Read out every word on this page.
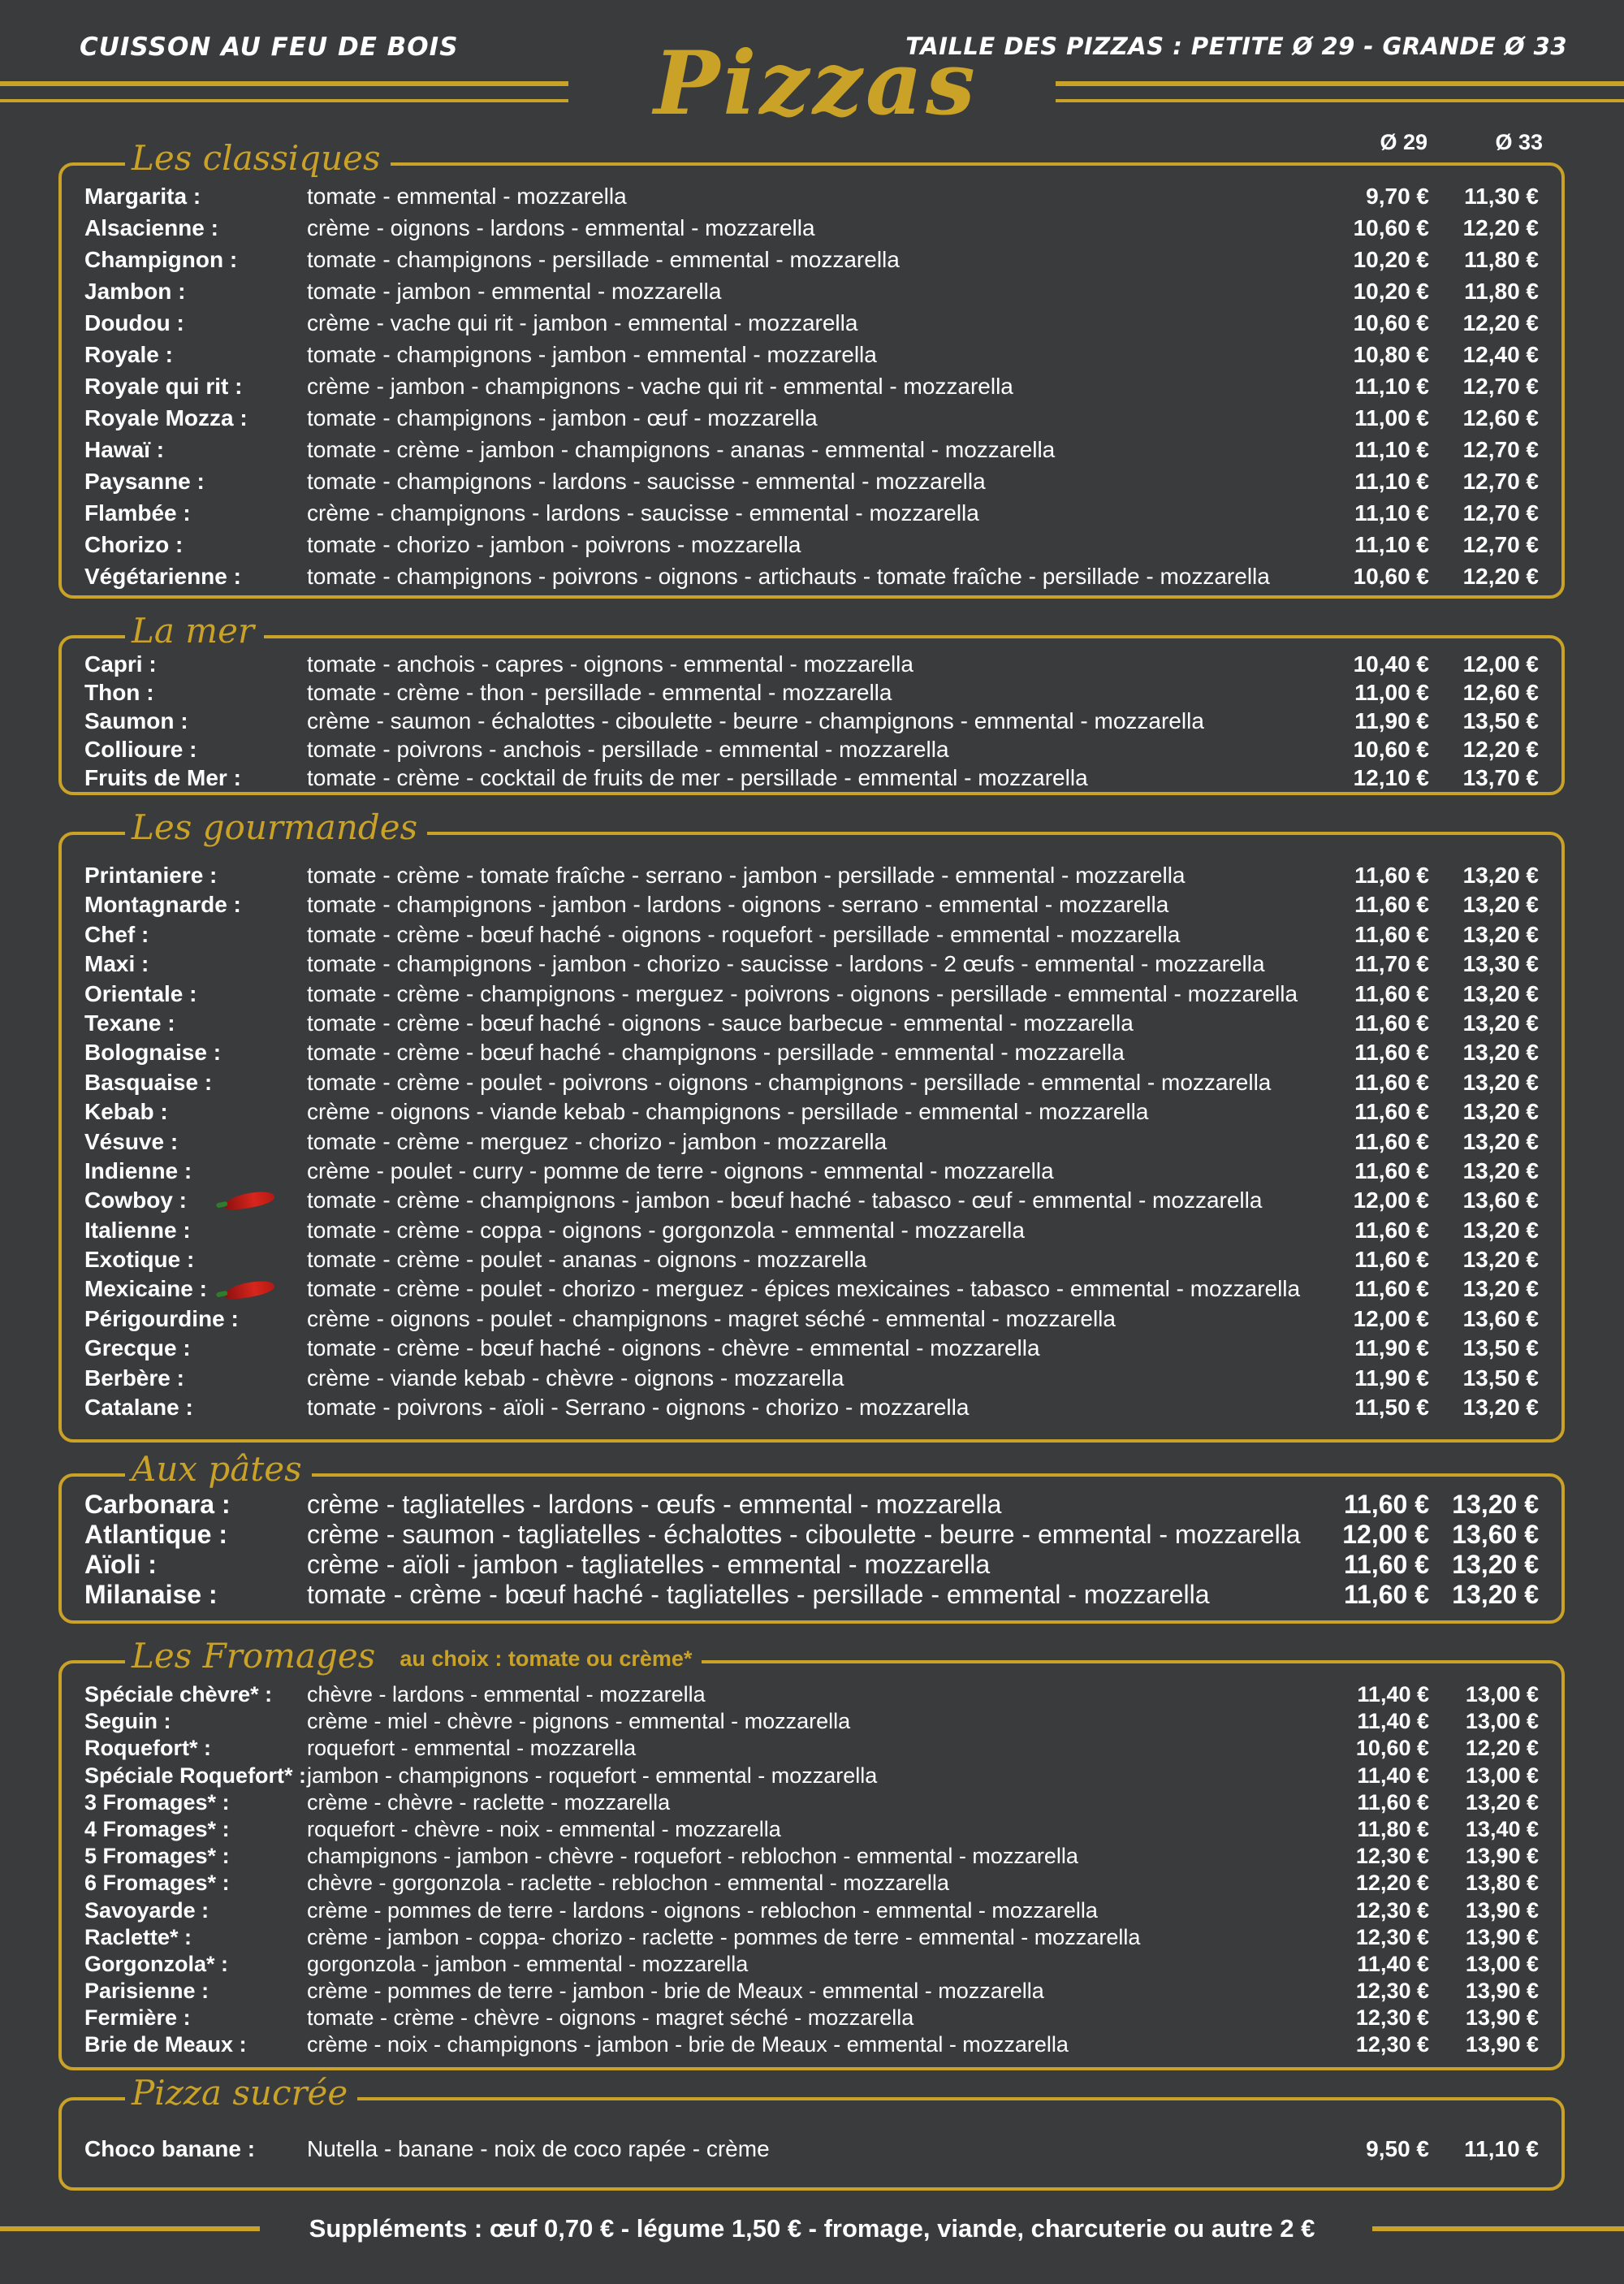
CUISSON AU FEU DE BOIS Pizzas
TAILLE DES PIZZAS : PETITE Ø 29 - GRANDE Ø 33
Ø 29	Ø 33
Les classiques
Margarita :	tomate - emmental - mozzarella	9,70 € 11,30 €
Alsacienne :	crème - oignons - lardons - emmental - mozzarella	10,60 € 12,20 €
Champignon :	tomate - champignons - persillade - emmental - mozzarella	10,20 € 11,80 €
Jambon :	tomate - jambon - emmental - mozzarella	10,20 € 11,80 €
Doudou :	crème - vache qui rit - jambon - emmental - mozzarella	10,60 € 12,20 €
Royale :	tomate - champignons - jambon - emmental - mozzarella	10,80 € 12,40 €
Royale qui rit :	crème - jambon - champignons - vache qui rit - emmental - mozzarella	11,10 € 12,70 €
Royale Mozza :	tomate - champignons - jambon - œuf - mozzarella	11,00 € 12,60 €
Hawaï :	tomate - crème - jambon - champignons - ananas - emmental - mozzarella	11,10 € 12,70 €
Paysanne :	tomate - champignons - lardons - saucisse - emmental - mozzarella	11,10 € 12,70 €
Flambée :	crème - champignons - lardons - saucisse - emmental - mozzarella	11,10 € 12,70 €
Chorizo :	tomate - chorizo - jambon - poivrons - mozzarella	11,10 € 12,70 €
Végétarienne :	tomate - champignons - poivrons - oignons - artichauts - tomate fraîche - persillade - mozzarella	10,60 € 12,20 €
La mer
Capri :	tomate - anchois - capres - oignons - emmental - mozzarella	10,40 € 12,00 €
Thon :	tomate - crème - thon - persillade - emmental - mozzarella	11,00 € 12,60 €
Saumon :	crème - saumon - échalottes - ciboulette - beurre - champignons - emmental - mozzarella	11,90 € 13,50 €
Collioure :	tomate - poivrons - anchois - persillade - emmental - mozzarella	10,60 € 12,20 €
Fruits de Mer :	tomate - crème - cocktail de fruits de mer - persillade - emmental - mozzarella	12,10 € 13,70 €
Les gourmandes
Printaniere :	tomate - crème - tomate fraîche - serrano - jambon - persillade - emmental - mozzarella	11,60 € 13,20 €
Montagnarde :	tomate - champignons - jambon - lardons - oignons - serrano - emmental - mozzarella	11,60 € 13,20 €
Chef :	tomate - crème - bœuf haché - oignons - roquefort - persillade - emmental - mozzarella	11,60 € 13,20 €
Maxi :	tomate - champignons - jambon - chorizo - saucisse - lardons - 2 œufs - emmental - mozzarella	11,70 € 13,30 €
Orientale :	tomate - crème - champignons - merguez - poivrons - oignons - persillade - emmental - mozzarella	11,60 € 13,20 €
Texane :	tomate - crème - bœuf haché - oignons - sauce barbecue - emmental - mozzarella	11,60 € 13,20 €
Bolognaise :	tomate - crème - bœuf haché - champignons - persillade - emmental - mozzarella	11,60 € 13,20 €
Basquaise :	tomate - crème - poulet - poivrons - oignons - champignons - persillade - emmental - mozzarella	11,60 € 13,20 €
Kebab :	crème - oignons - viande kebab - champignons - persillade - emmental - mozzarella	11,60 € 13,20 €
Vésuve :	tomate - crème - merguez - chorizo - jambon - mozzarella	11,60 € 13,20 €
Indienne :	crème - poulet - curry - pomme de terre - oignons - emmental - mozzarella	11,60 € 13,20 €
Cowboy :	tomate - crème - champignons - jambon - bœuf haché - tabasco - œuf - emmental - mozzarella	12,00 € 13,60 €
Italienne :	tomate - crème - coppa - oignons - gorgonzola - emmental - mozzarella	11,60 € 13,20 €
Exotique :	tomate - crème - poulet - ananas - oignons - mozzarella	11,60 € 13,20 €
Mexicaine :	tomate - crème - poulet - chorizo - merguez - épices mexicaines - tabasco - emmental - mozzarella 11,60 € 13,20 €
Périgourdine :	crème - oignons - poulet - champignons - magret séché - emmental - mozzarella	12,00 € 13,60 €
Grecque :	tomate - crème - bœuf haché - oignons - chèvre - emmental - mozzarella	11,90 € 13,50 €
Berbère :	crème - viande kebab - chèvre - oignons - mozzarella	11,90 € 13,50 €
Catalane :	tomate - poivrons - aïoli - Serrano - oignons - chorizo - mozzarella	11,50 € 13,20 €
Aux pâtes
Carbonara :	crème - tagliatelles - lardons - œufs - emmental - mozzarella	11,60 € 13,20 €
Atlantique :	crème - saumon - tagliatelles - échalottes - ciboulette - beurre - emmental - mozzarella 12,00 € 13,60 €
Aïoli :	crème - aïoli - jambon - tagliatelles - emmental - mozzarella	11,60 € 13,20 €
Milanaise :	tomate - crème - bœuf haché - tagliatelles - persillade - emmental - mozzarella	11,60 € 13,20 €
Les Fromages au choix : tomate ou crème*
Spéciale chèvre* : chèvre - lardons - emmental - mozzarella	11,40 € 13,00 €
Seguin :	crème - miel - chèvre - pignons - emmental - mozzarella	11,40 € 13,00 €
Roquefort* :	roquefort - emmental - mozzarella	10,60 € 12,20 €
Spéciale Roquefort* : jambon - champignons - roquefort - emmental - mozzarella	11,40 € 13,00 €
3 Fromages* :	crème - chèvre - raclette - mozzarella	11,60 € 13,20 €
4 Fromages* :	roquefort - chèvre - noix - emmental - mozzarella	11,80 € 13,40 €
5 Fromages* :	champignons - jambon - chèvre - roquefort - reblochon - emmental - mozzarella	12,30 € 13,90 €
6 Fromages* :	chèvre - gorgonzola - raclette - reblochon - emmental - mozzarella	12,20 € 13,80 €
Savoyarde :	crème - pommes de terre - lardons - oignons - reblochon - emmental - mozzarella	12,30 € 13,90 €
Raclette* :	crème - jambon - coppa- chorizo - raclette - pommes de terre - emmental - mozzarella	12,30 € 13,90 €
Gorgonzola* :	gorgonzola - jambon - emmental - mozzarella	11,40 € 13,00 €
Parisienne :	crème - pommes de terre - jambon - brie de Meaux - emmental - mozzarella	12,30 € 13,90 €
Fermière :	tomate - crème - chèvre - oignons - magret séché - mozzarella	12,30 € 13,90 €
Brie de Meaux :	crème - noix - champignons - jambon - brie de Meaux - emmental - mozzarella	12,30 € 13,90 €
Pizza sucrée
Choco banane : Nutella - banane - noix de coco rapée - crème	9,50 € 11,10 €
Suppléments : œuf 0,70 € - légume 1,50 € - fromage, viande, charcuterie ou autre 2 €
